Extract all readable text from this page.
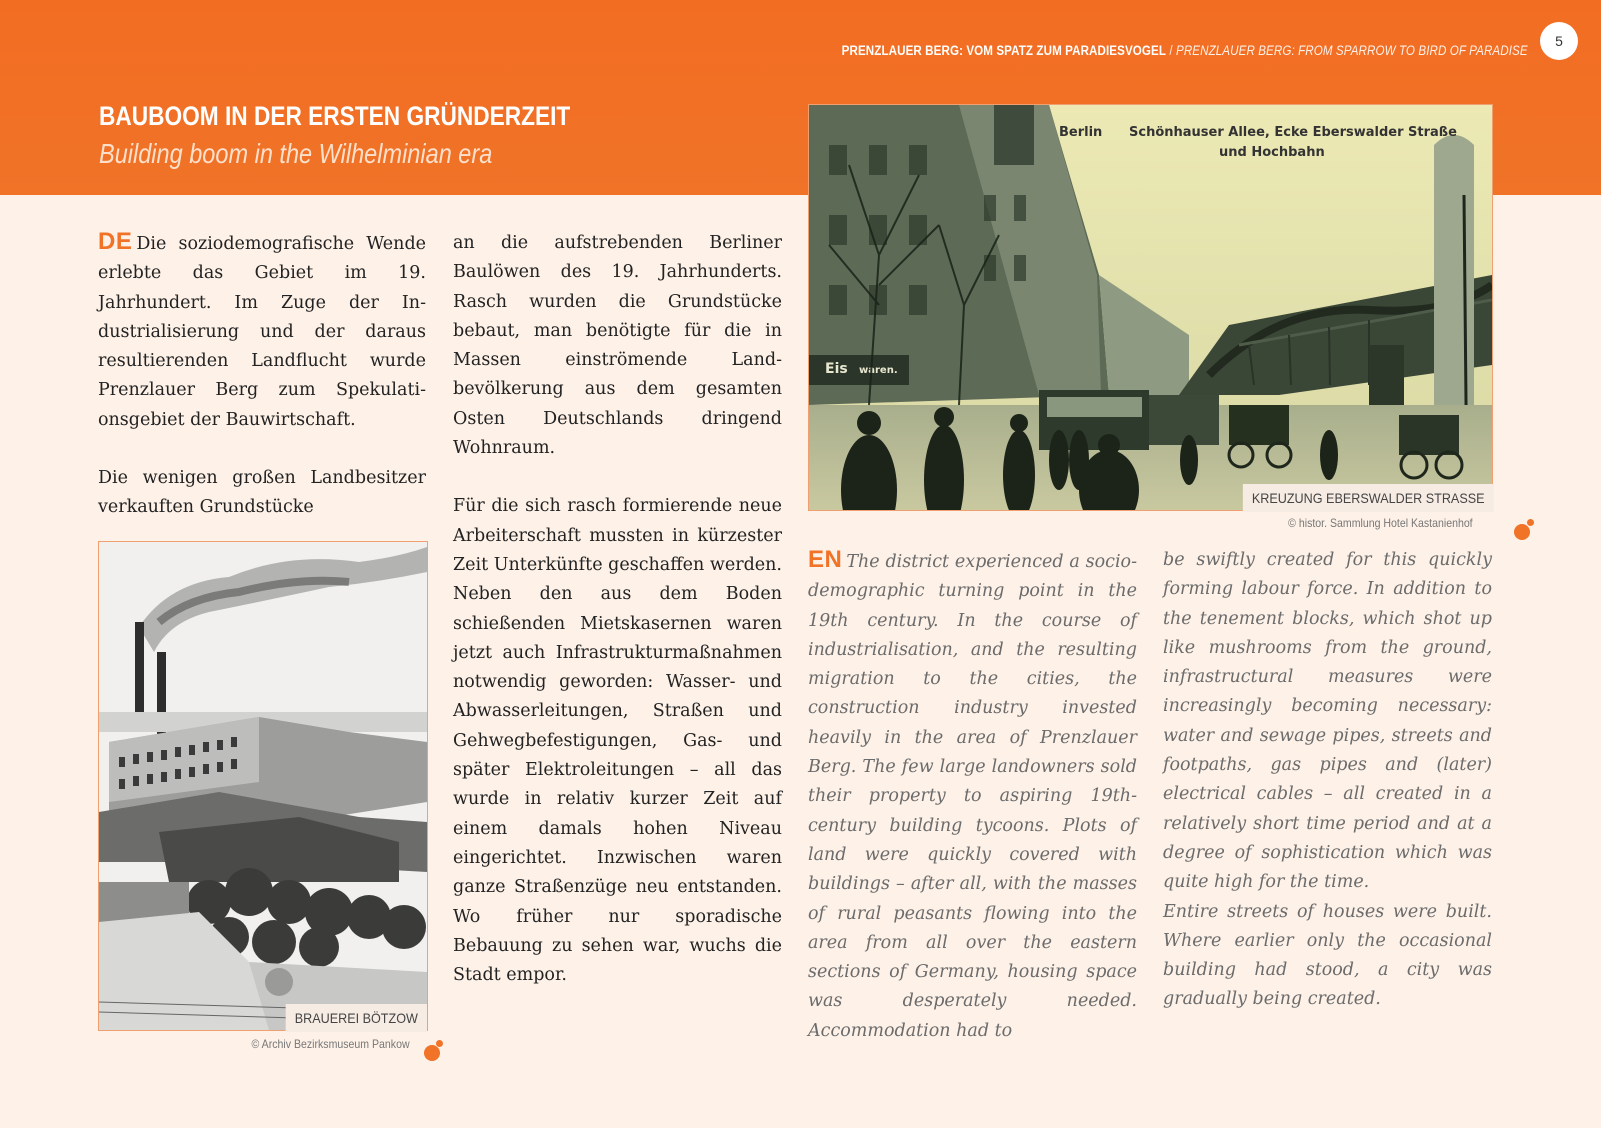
PRENZLAUER BERG: VOM SPATZ ZUM PARADIESVOGEL / PRENZLAUER BERG: FROM SPARROW TO BIRD OF PARADISE
5
BAUBOOM IN DER ERSTEN GRÜNDERZEIT
Building boom in the Wilhelminian era

DE Die soziodemografische Wende erlebte das Gebiet im 19. Jahrhundert. Im Zuge der Industrialisierung und der daraus resultierenden Landflucht wurde Prenzlauer Berg zum Spekulationsgebiet der Bauwirtschaft.

Die wenigen großen Landbesitzer verkauften Grundstücke

an die aufstrebenden Berliner Baulöwen des 19. Jahrhunderts. Rasch wurden die Grundstücke bebaut, man benötigte für die in Massen einströmende Landbevölkerung aus dem gesamten Osten Deutschlands dringend Wohnraum.

Für die sich rasch formierende neue Arbeiterschaft mussten in kürzester Zeit Unterkünfte geschaffen werden. Neben den aus dem Boden schießenden Mietskasernen waren jetzt auch Infrastrukturmaßnahmen notwendig geworden: Wasser- und Abwasserleitungen, Straßen und Gehwegbefestigungen, Gas- und später Elektroleitungen – all das wurde in relativ kurzer Zeit auf einem damals hohen Niveau eingerichtet. Inzwischen waren ganze Straßenzüge neu entstanden. Wo früher nur sporadische Bebauung zu sehen war, wuchs die Stadt empor.

EN The district experienced a socio-demographic turning point in the 19th century. In the course of industrialisation, and the resulting migration to the cities, the construction industry invested heavily in the area of Prenzlauer Berg. The few large landowners sold their property to aspiring 19th-century building tycoons. Plots of land were quickly covered with buildings – after all, with the masses of rural peasants flowing into the area from all over the eastern sections of Germany, housing space was desperately needed. Accommodation had to

be swiftly created for this quickly forming labour force. In addition to the tenement blocks, which shot up like mushrooms from the ground, infrastructural measures were increasingly becoming necessary: water and sewage pipes, streets and footpaths, gas pipes and (later) electrical cables – all created in a relatively short time period and at a degree of sophistication which was quite high for the time.

Entire streets of houses were built. Where earlier only the occasional building had stood, a city was gradually being created.

Eis waren.
Berlin Schönhauser Allee, Ecke Eberswalder Straße
und Hochbahn
KREUZUNG EBERSWALDER STRASSE
© histor. Sammlung Hotel Kastanienhof
BRAUEREI BÖTZOW
© Archiv Bezirksmuseum Pankow
